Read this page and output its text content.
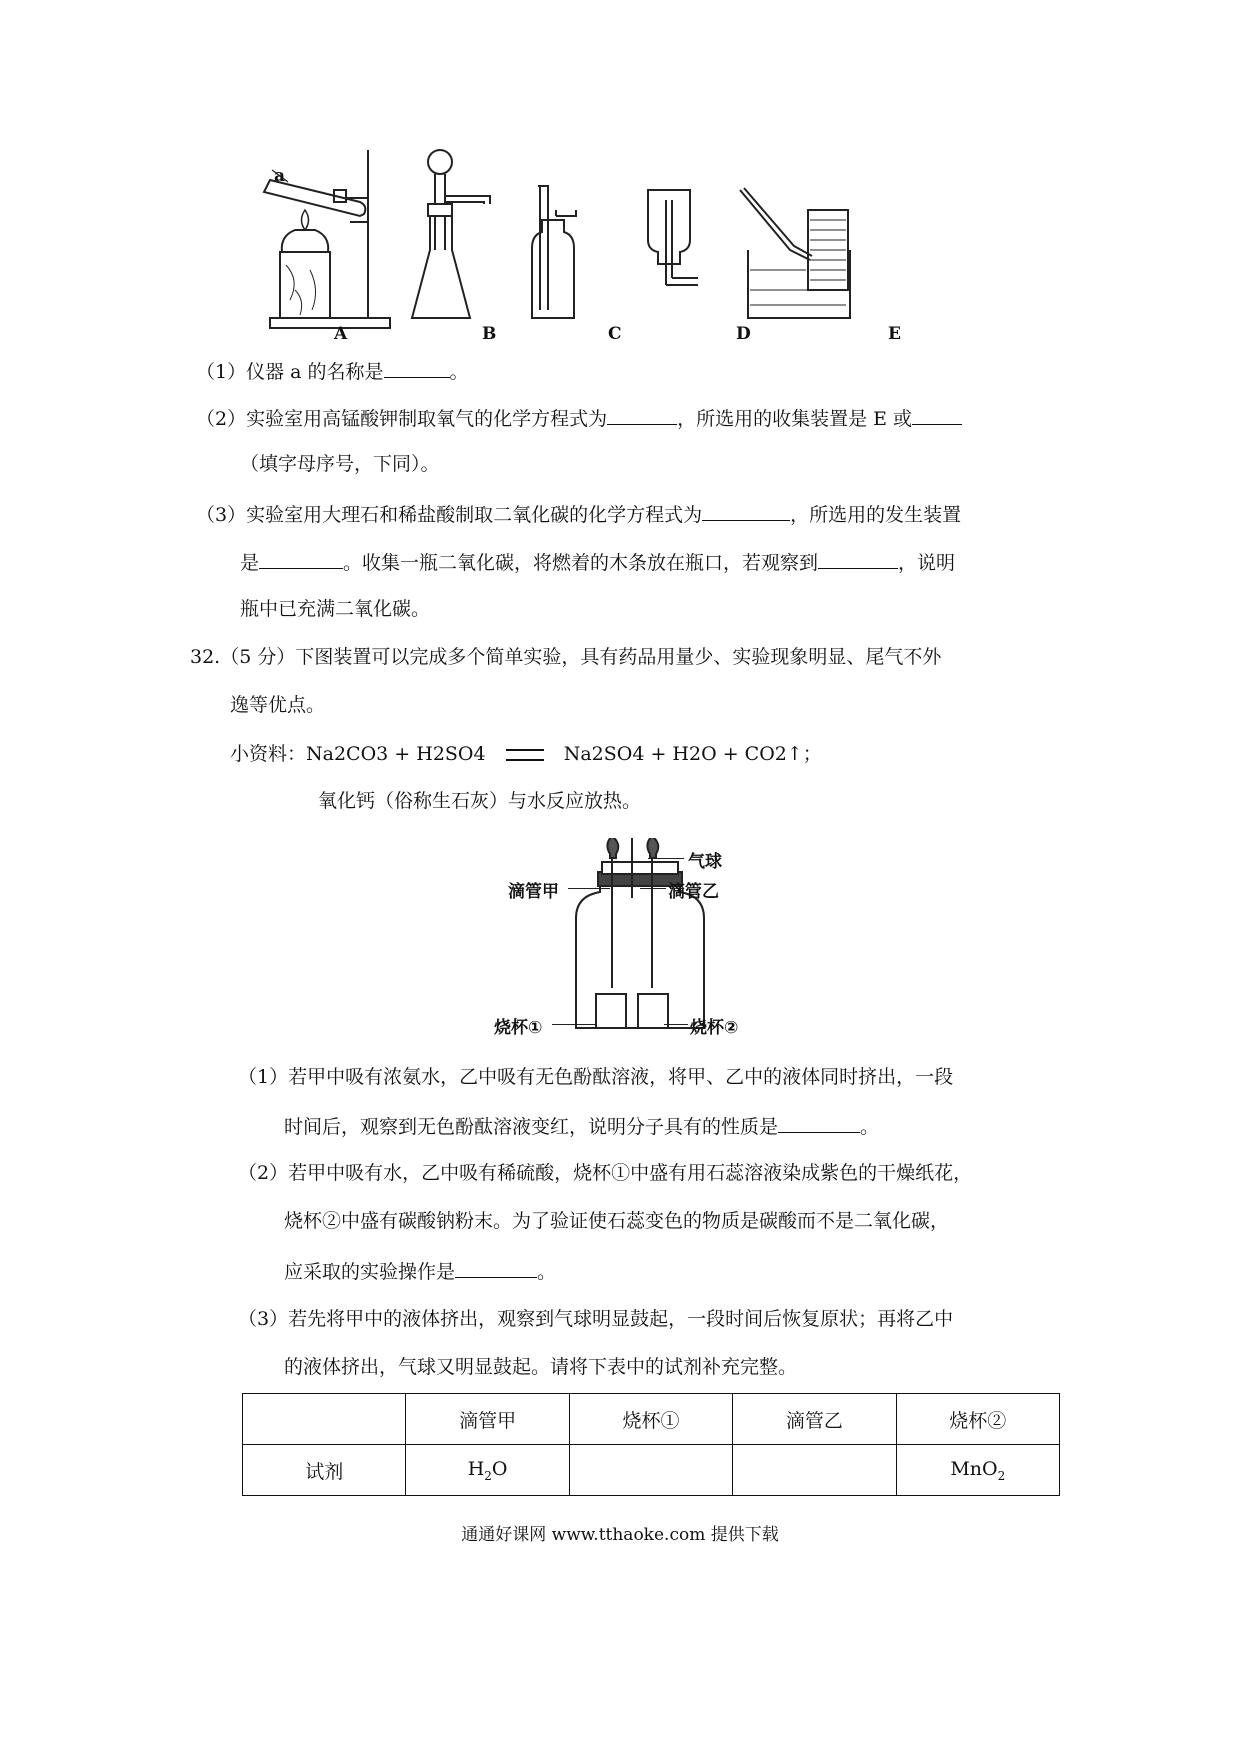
a
A	B	C	D	E
（1）仪器 a 的名称是	。
（2）实验室用高锰酸钾制取氧气的化学方程式为	，所选用的收集装置是 E 或
（填字母序号，下同）。
（3）实验室用大理石和稀盐酸制取二氧化碳的化学方程式为	，所选用的发生装置
是	。收集一瓶二氧化碳，将燃着的木条放在瓶口，若观察到	，说明
瓶中已充满二氧化碳。
32.（5 分）下图装置可以完成多个简单实验，具有药品用量少、实验现象明显、尾气不外
逸等优点。
小资料：Na2CO3 + H2SO4	Na2SO4 + H2O + CO2↑；
氧化钙（俗称生石灰）与水反应放热。
气球
滴管甲	滴管乙
烧杯①	烧杯②
（1）若甲中吸有浓氨水，乙中吸有无色酚酞溶液，将甲、乙中的液体同时挤出，一段
时间后，观察到无色酚酞溶液变红，说明分子具有的性质是	。
（2）若甲中吸有水，乙中吸有稀硫酸，烧杯①中盛有用石蕊溶液染成紫色的干燥纸花，
烧杯②中盛有碳酸钠粉末。为了验证使石蕊变色的物质是碳酸而不是二氧化碳，
应采取的实验操作是	。
（3）若先将甲中的液体挤出，观察到气球明显鼓起，一段时间后恢复原状；再将乙中
的液体挤出，气球又明显鼓起。请将下表中的试剂补充完整。
	滴管甲	烧杯①	滴管乙	烧杯②
试剂	$H_2O$			MnO$_2$
通通好课网 www.tthaoke.com 提供下载
